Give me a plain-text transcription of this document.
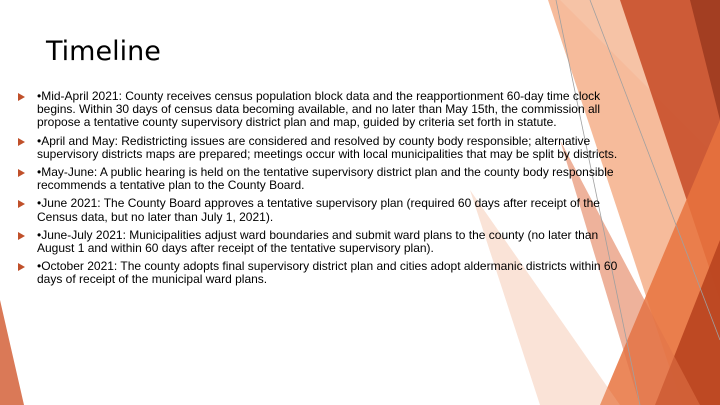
Timeline
•Mid-April 2021: County receives census population block data and the reapportionment 60-day time clock begins. Within 30 days of census data becoming available, and no later than May 15th, the commission all propose a tentative county supervisory district plan and map, guided by criteria set forth in statute.
•April and May: Redistricting issues are considered and resolved by county body responsible; alternative supervisory districts maps are prepared; meetings occur with local municipalities that may be split by districts.
•May-June: A public hearing is held on the tentative supervisory district plan and the county body responsible recommends a tentative plan to the County Board.
•June 2021: The County Board approves a tentative supervisory plan (required 60 days after receipt of the Census data, but no later than July 1, 2021).
•June-July 2021: Municipalities adjust ward boundaries and submit ward plans to the county (no later than August 1 and within 60 days after receipt of the tentative supervisory plan).
•October 2021: The county adopts final supervisory district plan and cities adopt aldermanic districts within 60 days of receipt of the municipal ward plans.
